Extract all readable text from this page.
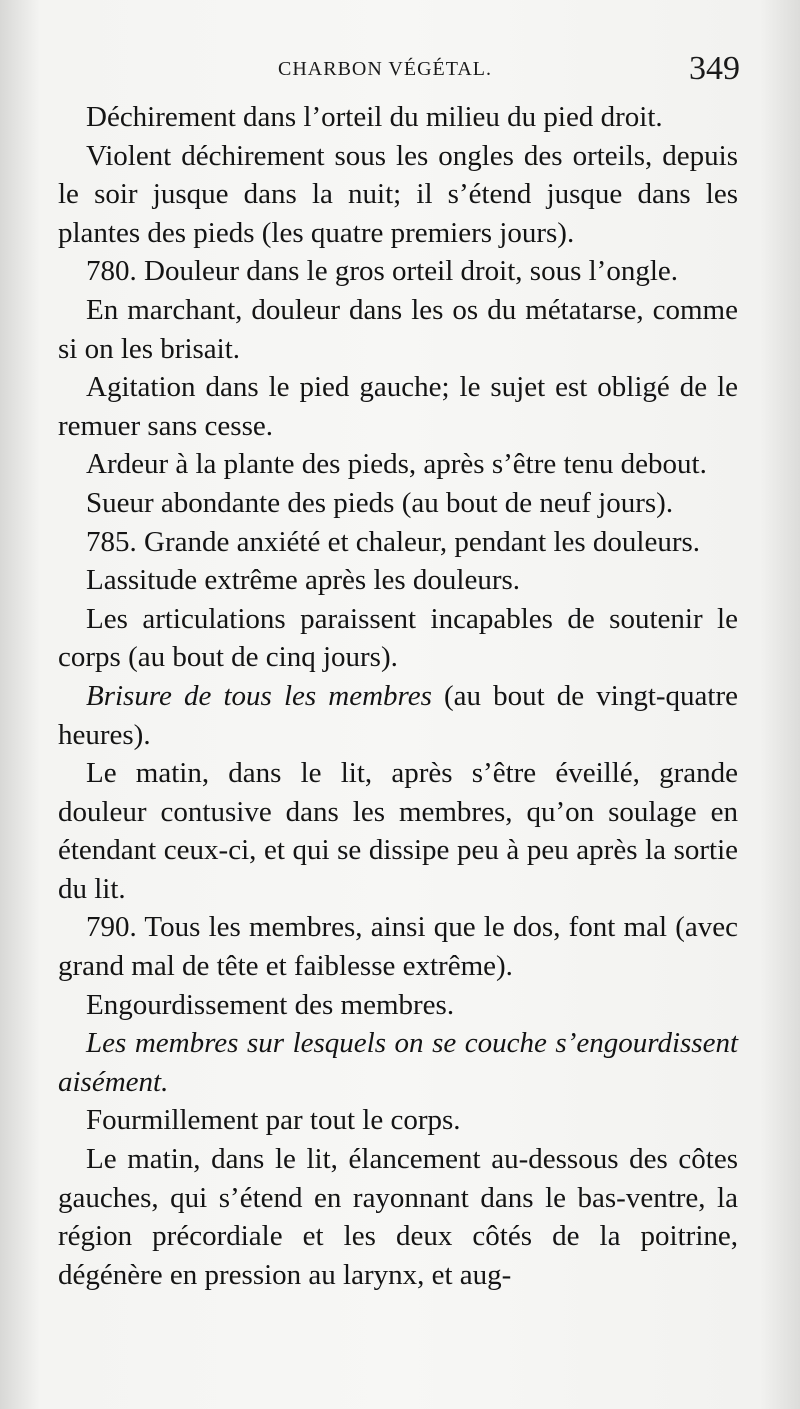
CHARBON VÉGÉTAL.	349

Déchirement dans l’orteil du milieu du pied droit.

Violent déchirement sous les ongles des orteils, depuis le soir jusque dans la nuit; il s’étend jusque dans les plantes des pieds (les quatre premiers jours).

780. Douleur dans le gros orteil droit, sous l’ongle.

En marchant, douleur dans les os du métatarse, comme si on les brisait.

Agitation dans le pied gauche; le sujet est obligé de le remuer sans cesse.

Ardeur à la plante des pieds, après s’être tenu debout.

Sueur abondante des pieds (au bout de neuf jours).

785. Grande anxiété et chaleur, pendant les douleurs.

Lassitude extrême après les douleurs.

Les articulations paraissent incapables de soutenir le corps (au bout de cinq jours).

Brisure de tous les membres (au bout de vingt-quatre heures).

Le matin, dans le lit, après s’être éveillé, grande douleur contusive dans les membres, qu’on soulage en étendant ceux-ci, et qui se dissipe peu à peu après la sortie du lit.

790. Tous les membres, ainsi que le dos, font mal (avec grand mal de tête et faiblesse extrême).

Engourdissement des membres.

Les membres sur lesquels on se couche s’engourdissent aisément.

Fourmillement par tout le corps.

Le matin, dans le lit, élancement au-dessous des côtes gauches, qui s’étend en rayonnant dans le bas-ventre, la région précordiale et les deux côtés de la poitrine, dégénère en pression au larynx, et aug-
